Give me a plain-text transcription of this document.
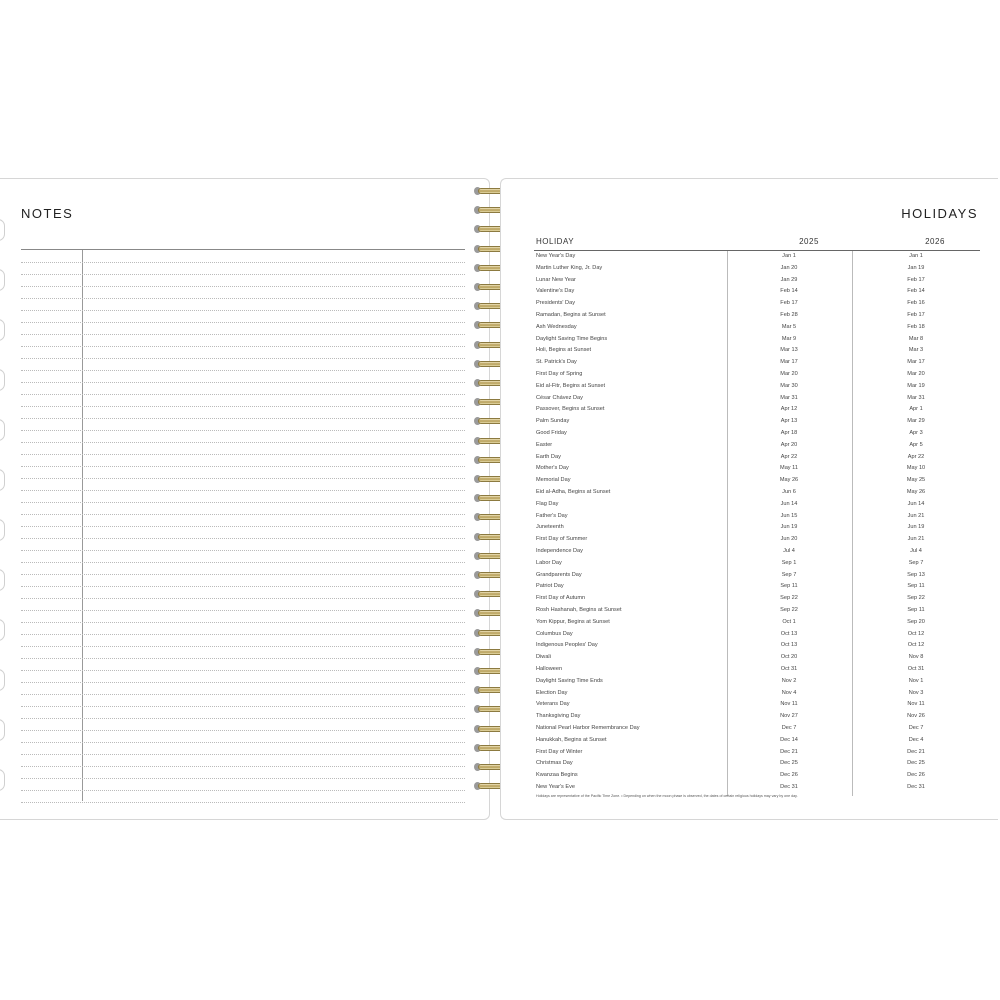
NOTES	HOLIDAYS
HOLIDAY	2025	2026
New Year's Day	Jan 1	Jan 1
Martin Luther King, Jr. Day	Jan 20	Jan 19
Lunar New Year	Jan 29	Feb 17
Valentine's Day	Feb 14	Feb 14
Presidents' Day	Feb 17	Feb 16
Ramadan, Begins at Sunset	Feb 28	Feb 17
Ash Wednesday	Mar 5	Feb 18
Daylight Saving Time Begins	Mar 9	Mar 8
Holi, Begins at Sunset	Mar 13	Mar 3
St. Patrick's Day	Mar 17	Mar 17
First Day of Spring	Mar 20	Mar 20
Eid al-Fitr, Begins at Sunset	Mar 30	Mar 19
César Chávez Day	Mar 31	Mar 31
Passover, Begins at Sunset	Apr 12	Apr 1
Palm Sunday	Apr 13	Mar 29
Good Friday	Apr 18	Apr 3
Easter	Apr 20	Apr 5
Earth Day	Apr 22	Apr 22
Mother's Day	May 11	May 10
Memorial Day	May 26	May 25
Eid al-Adha, Begins at Sunset	Jun 6	May 26
Flag Day	Jun 14	Jun 14
Father's Day	Jun 15	Jun 21
Juneteenth	Jun 19	Jun 19
First Day of Summer	Jun 20	Jun 21
Independence Day	Jul 4	Jul 4
Labor Day	Sep 1	Sep 7
Grandparents Day	Sep 7	Sep 13
Patriot Day	Sep 11	Sep 11
First Day of Autumn	Sep 22	Sep 22
Rosh Hashanah, Begins at Sunset	Sep 22	Sep 11
Yom Kippur, Begins at Sunset	Oct 1	Sep 20
Columbus Day	Oct 13	Oct 12
Indigenous Peoples' Day	Oct 13	Oct 12
Diwali	Oct 20	Nov 8
Halloween	Oct 31	Oct 31
Daylight Saving Time Ends	Nov 2	Nov 1
Election Day	Nov 4	Nov 3
Veterans Day	Nov 11	Nov 11
Thanksgiving Day	Nov 27	Nov 26
National Pearl Harbor Remembrance Day	Dec 7	Dec 7
Hanukkah, Begins at Sunset	Dec 14	Dec 4
First Day of Winter	Dec 21	Dec 21
Christmas Day	Dec 25	Dec 25
Kwanzaa Begins	Dec 26	Dec 26
New Year's Eve	Dec 31	Dec 31
Holidays are representative of the Pacific Time Zone. • Depending on when the moon phase is observed, the dates of certain religious holidays may vary by one day.
